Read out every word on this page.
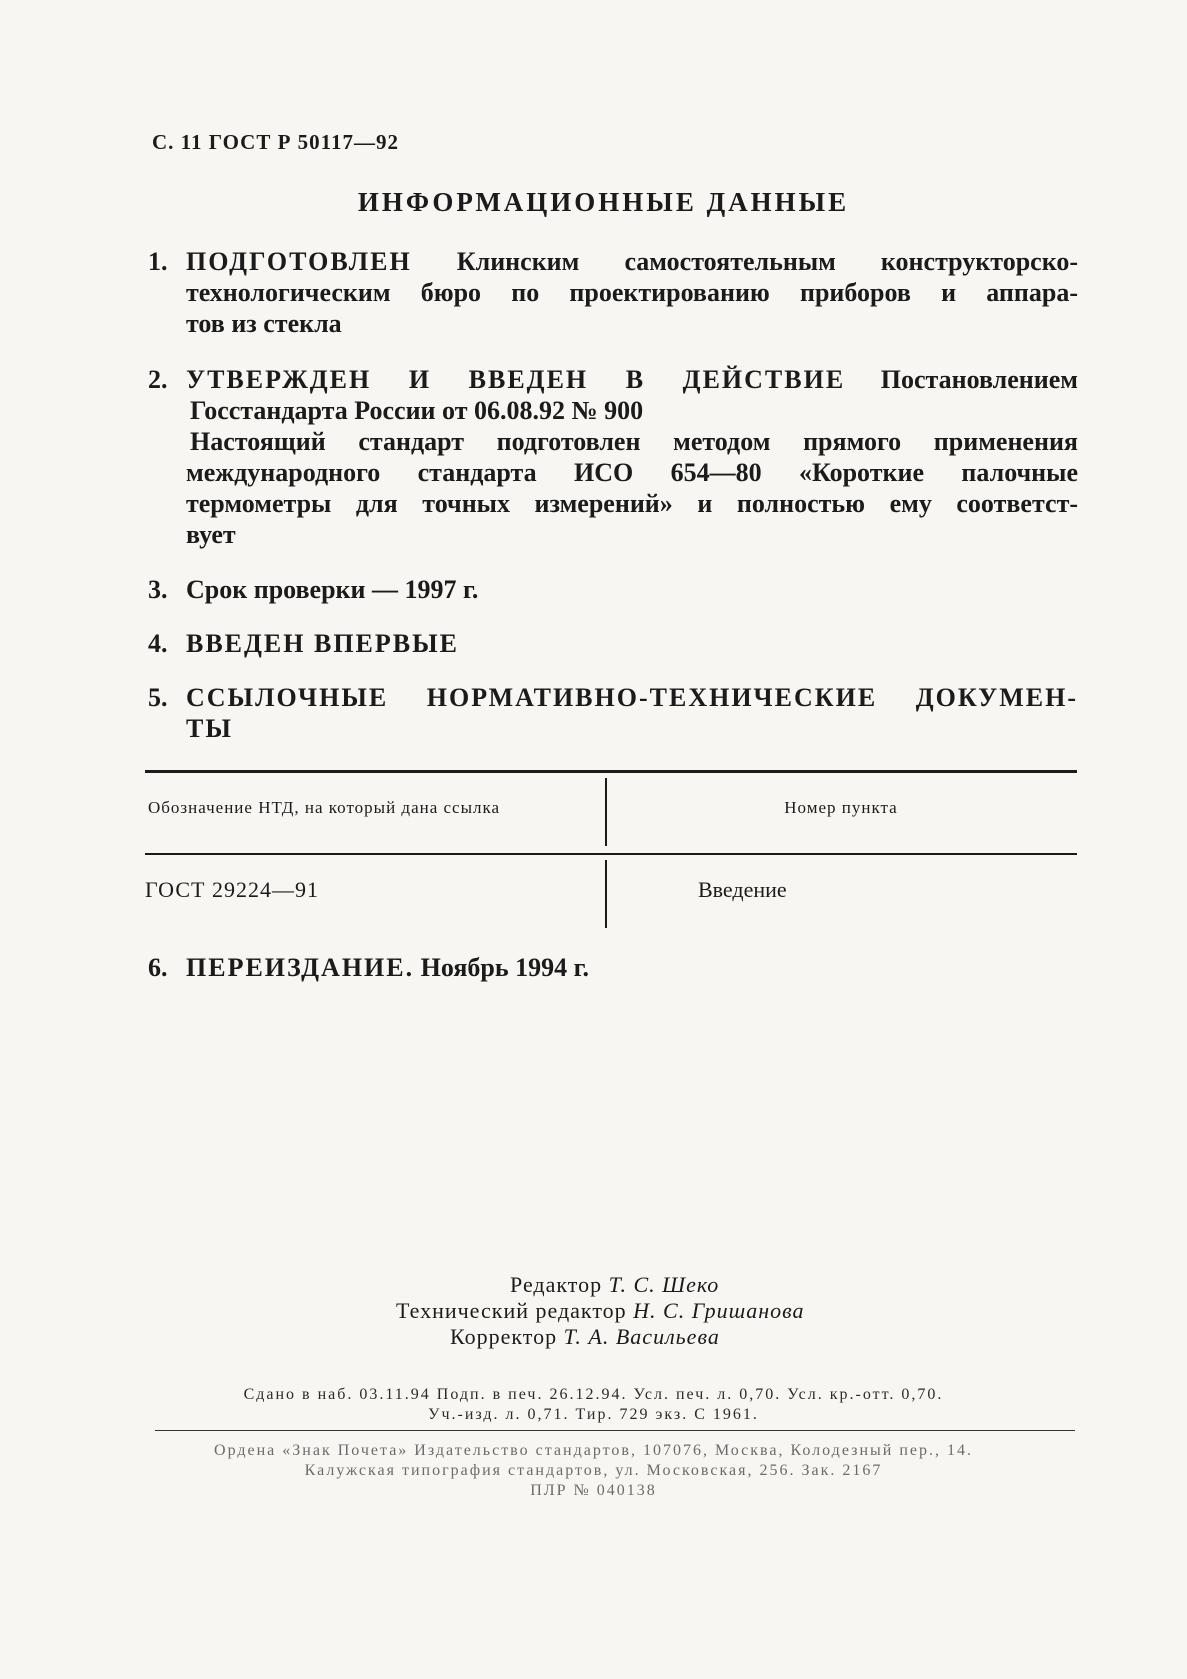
С. 11 ГОСТ Р 50117—92
ИНФОРМАЦИОННЫЕ ДАННЫЕ
1. ПОДГОТОВЛЕН Клинским самостоятельным конструкторско-
технологическим бюро по проектированию приборов и аппара-
тов из стекла
2. УТВЕРЖДЕН И ВВЕДЕН В ДЕЙСТВИЕ Постановлением
Госстандарта России от 06.08.92 № 900
Настоящий стандарт подготовлен методом прямого применения
международного стандарта ИСО 654—80 «Короткие палочные
термометры для точных измерений» и полностью ему соответст-
вует
3. Срок проверки — 1997 г.
4. ВВЕДЕН ВПЕРВЫЕ
5. ССЫЛОЧНЫЕ НОРМАТИВНО-ТЕХНИЧЕСКИЕ ДОКУМЕН-
ТЫ
Обозначение НТД, на который дана ссылка	Номер пункта
ГОСТ 29224—91	Введение
6. ПЕРЕИЗДАНИЕ. Ноябрь 1994 г.
Редактор Т. С. Шеко
Технический редактор Н. С. Гришанова
Корректор Т. А. Васильева
Сдано в наб. 03.11.94 Подп. в печ. 26.12.94. Усл. печ. л. 0,70. Усл. кр.-отт. 0,70.
Уч.-изд. л. 0,71. Тир. 729 экз. С 1961.
Ордена «Знак Почета» Издательство стандартов, 107076, Москва, Колодезный пер., 14.
Калужская типография стандартов, ул. Московская, 256. Зак. 2167
ПЛР № 040138
